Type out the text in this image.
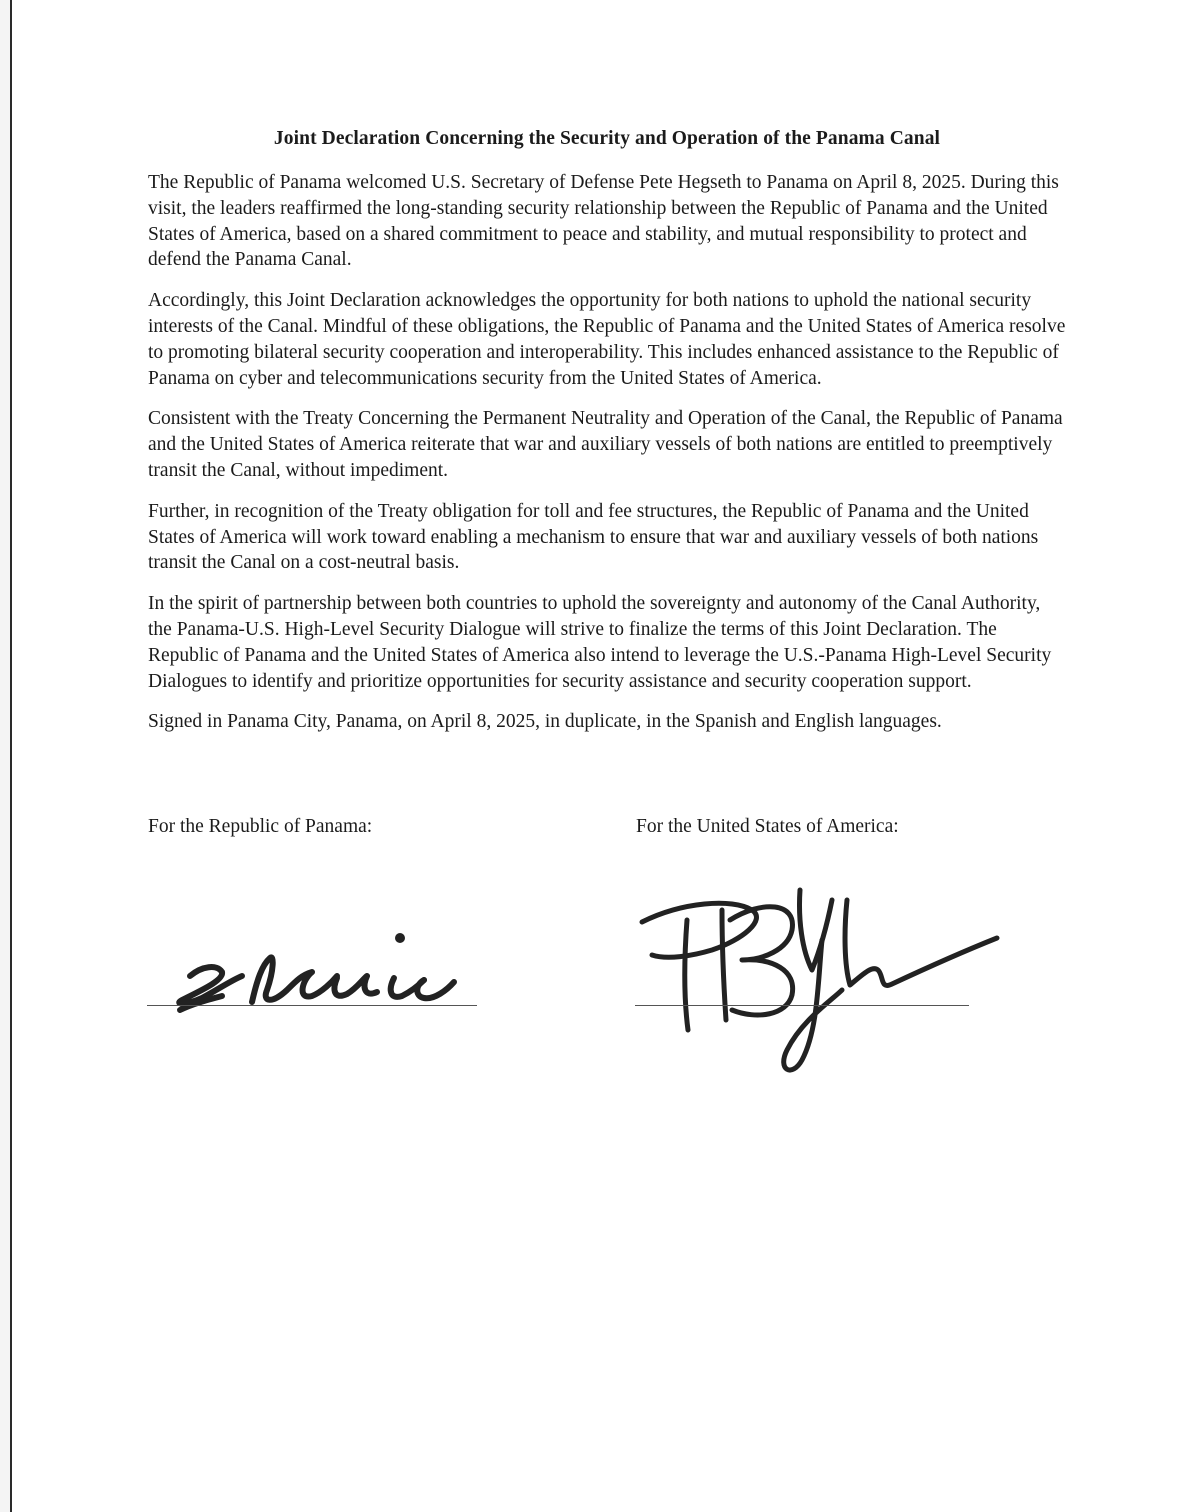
Joint Declaration Concerning the Security and Operation of the Panama Canal

The Republic of Panama welcomed U.S. Secretary of Defense Pete Hegseth to Panama on April 8, 2025. During this visit, the leaders reaffirmed the long-standing security relationship between the Republic of Panama and the United States of America, based on a shared commitment to peace and stability, and mutual responsibility to protect and defend the Panama Canal.

Accordingly, this Joint Declaration acknowledges the opportunity for both nations to uphold the national security interests of the Canal. Mindful of these obligations, the Republic of Panama and the United States of America resolve to promoting bilateral security cooperation and interoperability. This includes enhanced assistance to the Republic of Panama on cyber and telecommunications security from the United States of America.

Consistent with the Treaty Concerning the Permanent Neutrality and Operation of the Canal, the Republic of Panama and the United States of America reiterate that war and auxiliary vessels of both nations are entitled to preemptively transit the Canal, without impediment.

Further, in recognition of the Treaty obligation for toll and fee structures, the Republic of Panama and the United States of America will work toward enabling a mechanism to ensure that war and auxiliary vessels of both nations transit the Canal on a cost-neutral basis.

In the spirit of partnership between both countries to uphold the sovereignty and autonomy of the Canal Authority, the Panama-U.S. High-Level Security Dialogue will strive to finalize the terms of this Joint Declaration. The Republic of Panama and the United States of America also intend to leverage the U.S.-Panama High-Level Security Dialogues to identify and prioritize opportunities for security assistance and security cooperation support.

Signed in Panama City, Panama, on April 8, 2025, in duplicate, in the Spanish and English languages.

For the Republic of Panama:	For the United States of America:
